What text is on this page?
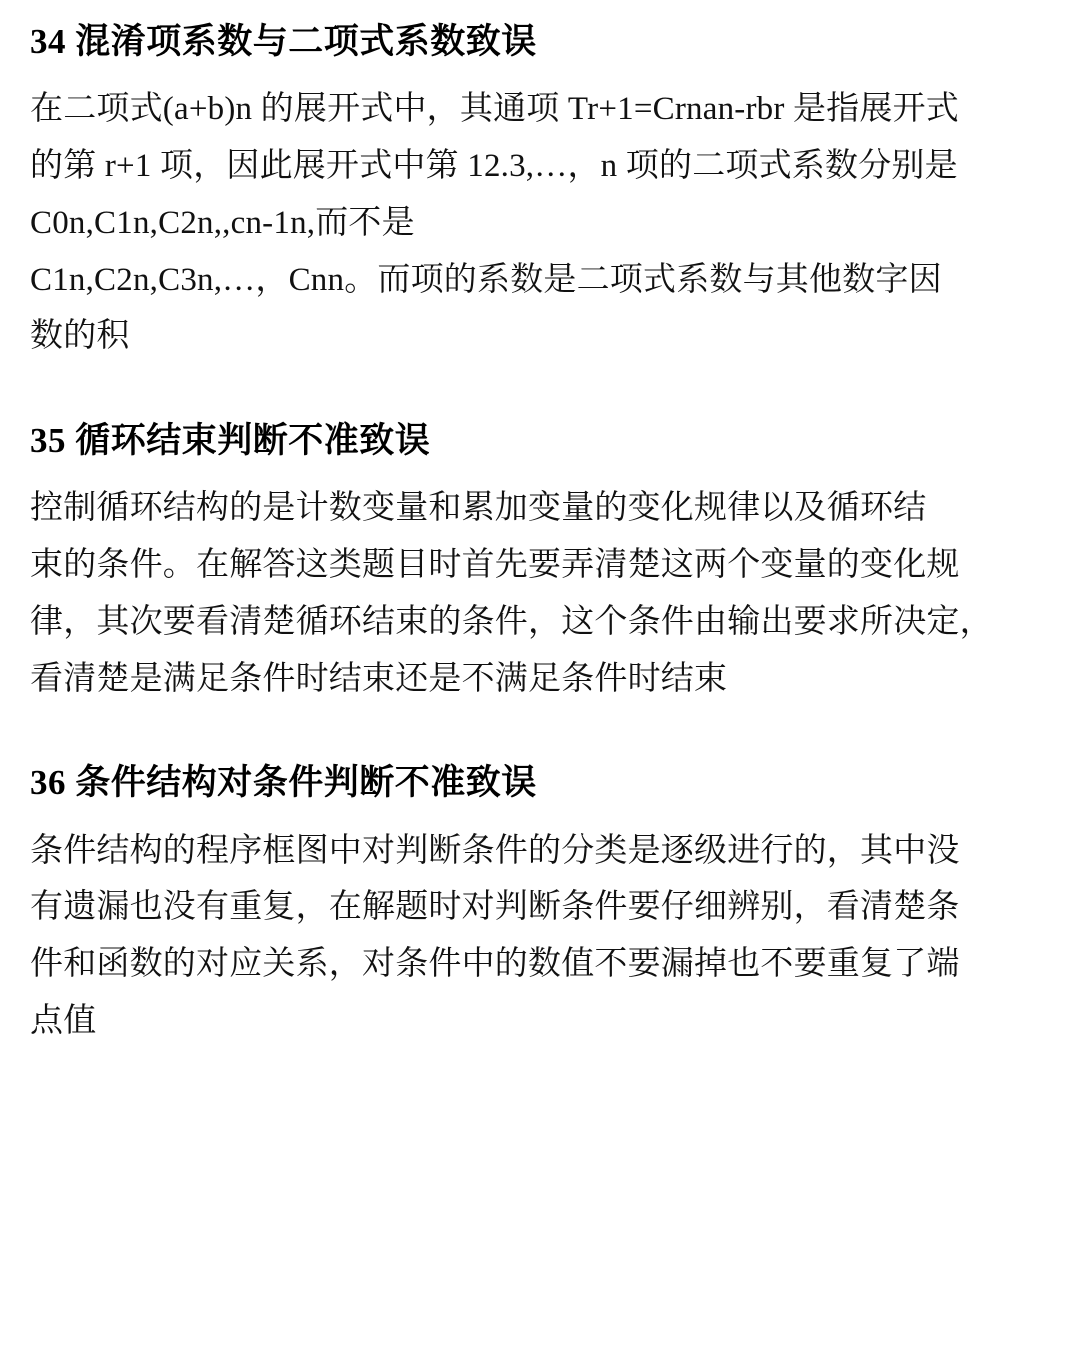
34 混淆项系数与二项式系数致误

在二项式(a+b)n 的展开式中，其通项 Tr+1=Crnan-rbr 是指展开式
的第 r+1 项，因此展开式中第 12.3,…，n 项的二项式系数分别是
C0n,C1n,C2n,,cn-1n,而不是
C1n,C2n,C3n,…，Cnn。而项的系数是二项式系数与其他数字因
数的积

35 循环结束判断不准致误

控制循环结构的是计数变量和累加变量的变化规律以及循环结
束的条件。在解答这类题目时首先要弄清楚这两个变量的变化规
律，其次要看清楚循环结束的条件，这个条件由输出要求所决定，
看清楚是满足条件时结束还是不满足条件时结束

36 条件结构对条件判断不准致误

条件结构的程序框图中对判断条件的分类是逐级进行的，其中没
有遗漏也没有重复，在解题时对判断条件要仔细辨别，看清楚条
件和函数的对应关系，对条件中的数值不要漏掉也不要重复了端
点值
